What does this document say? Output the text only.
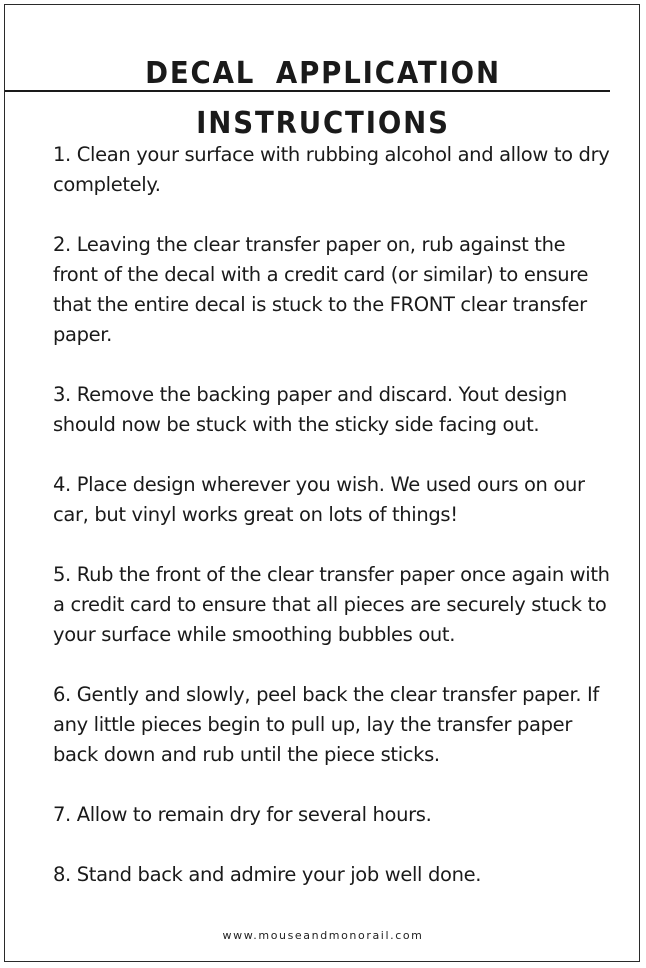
DECAL APPLICATION INSTRUCTIONS
1. Clean your surface with rubbing alcohol and allow to dry completely.
2. Leaving the clear transfer paper on, rub against the front of the decal with a credit card (or similar) to ensure that the entire decal is stuck to the FRONT clear transfer paper.
3. Remove the backing paper and discard. Yout design should now be stuck with the sticky side facing out.
4. Place design wherever you wish. We used ours on our car, but vinyl works great on lots of things!
5. Rub the front of the clear transfer paper once again with a credit card to ensure that all pieces are securely stuck to your surface while smoothing bubbles out.
6. Gently and slowly, peel back the clear transfer paper. If any little pieces begin to pull up, lay the transfer paper back down and rub until the piece sticks.
7. Allow to remain dry for several hours.
8. Stand back and admire your job well done.
www.mouseandmonorail.com
